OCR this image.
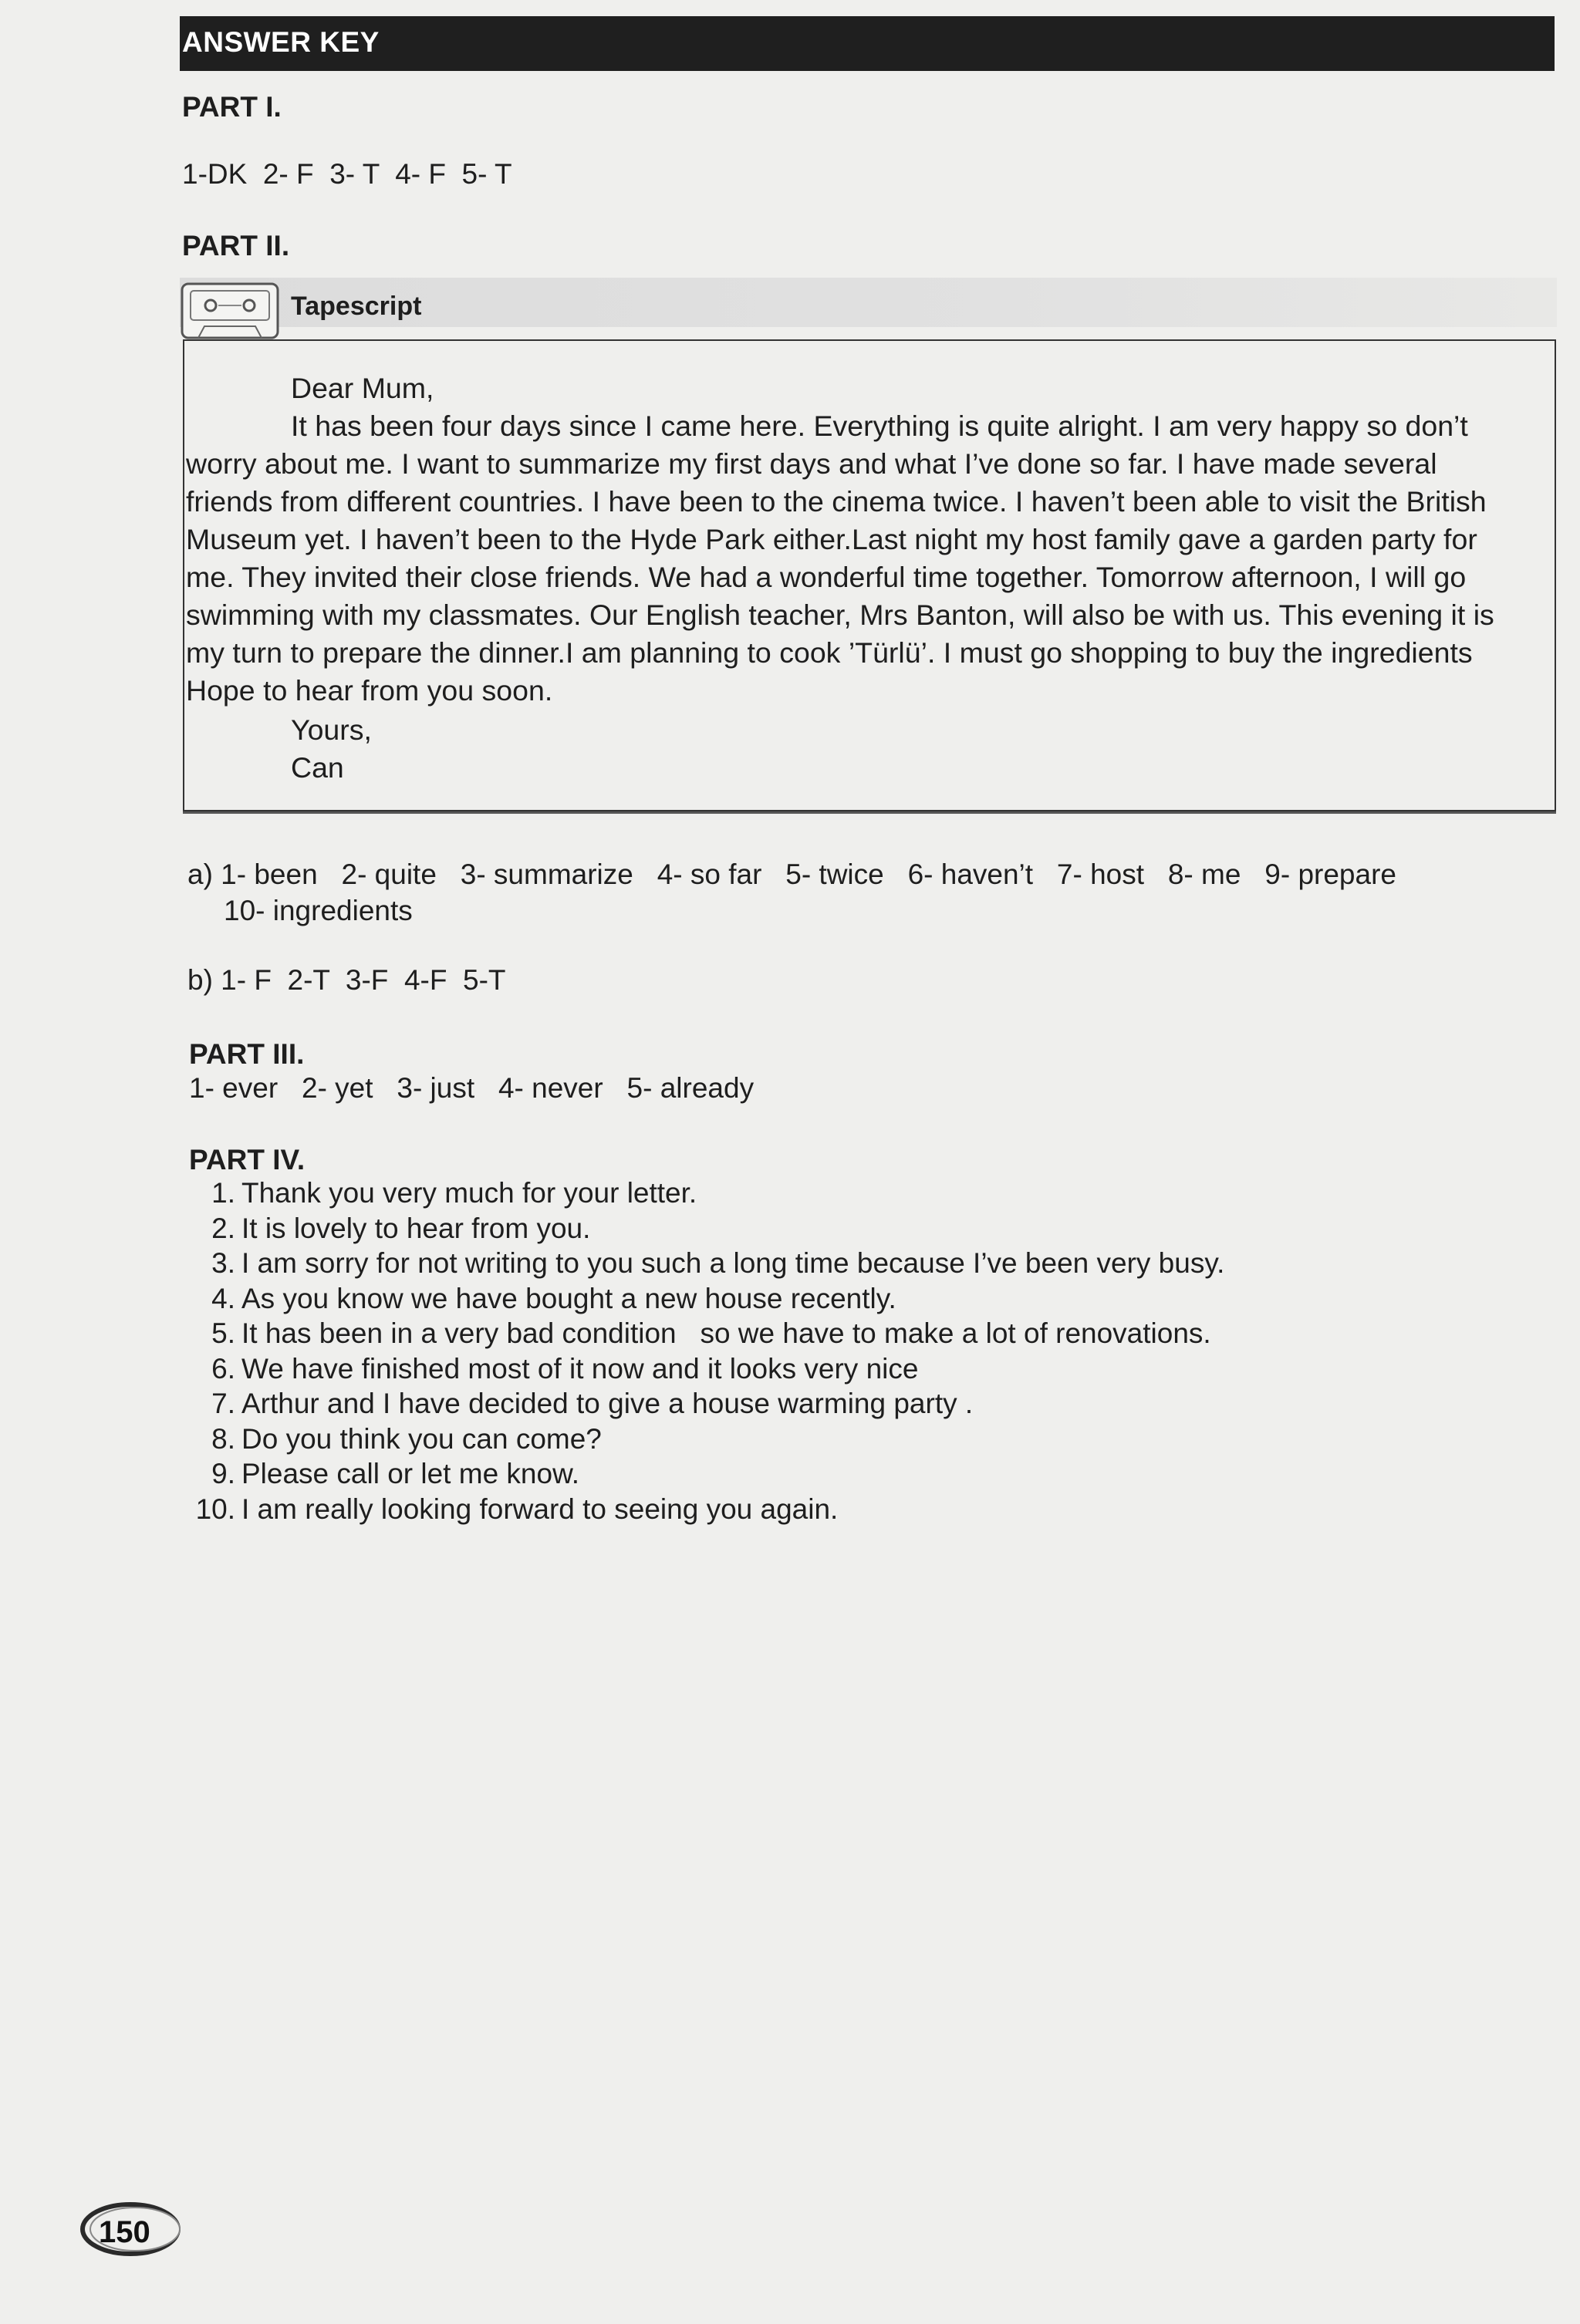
ANSWER KEY
PART I.
1-DK  2- F  3- T  4- F  5- T
PART II.
Tapescript
Dear Mum,
It has been four days since I came here. Everything is quite alright. I am very happy so don’t
worry about me. I want to summarize my first days and what I’ve done so far. I have made several
friends from different countries. I have been to the cinema twice. I haven’t been able to visit the British
Museum yet. I haven’t been to the Hyde Park either.Last night my host family gave a garden party for
me. They invited their close friends. We had a wonderful time together. Tomorrow afternoon, I will go
swimming with my classmates. Our English teacher, Mrs Banton, will also be with us. This evening it is
my turn to prepare the dinner.I am planning to cook ’Türlü’. I must go shopping to buy the ingredients
Hope to hear from you soon.
Yours,
Can
a) 1- been   2- quite   3- summarize   4- so far   5- twice   6- haven’t   7- host   8- me   9- prepare
10- ingredients
b) 1- F  2-T  3-F  4-F  5-T
PART III.
1- ever   2- yet   3- just   4- never   5- already
PART IV.
1. Thank you very much for your letter.
2. It is lovely to hear from you.
3. I am sorry for not writing to you such a long time because I’ve been very busy.
4. As you know we have bought a new house recently.
5. It has been in a very bad condition   so we have to make a lot of renovations.
6. We have finished most of it now and it looks very nice
7. Arthur and I have decided to give a house warming party .
8. Do you think you can come?
9. Please call or let me know.
10. I am really looking forward to seeing you again.
150
